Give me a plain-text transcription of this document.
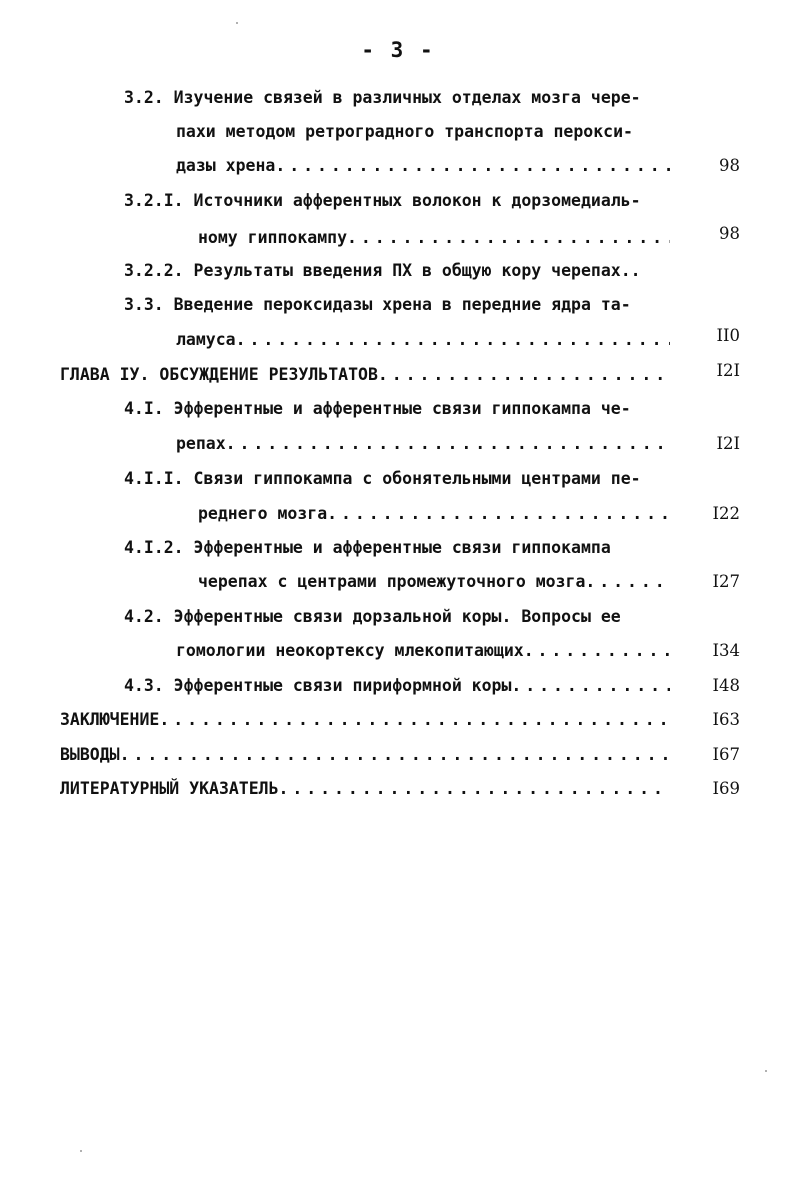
- 3 -
3.2. Изучение связей в различных отделах мозга чере-
пахи методом ретроградного транспорта перокси-
дазы хрена . . .	98
3.2.I. Источники афферентных волокон к дорзомедиаль-
ному гиппокампу . . .	98
3.2.2. Результаты введения ПХ в общую кору черепах..
3.3. Введение пероксидазы хрена в передние ядра та-
ламуса . . .	II0
ГЛАВА IУ. ОБСУЖДЕНИЕ РЕЗУЛЬТАТОВ . . .	I2I
4.I. Эфферентные и афферентные связи гиппокампа че-
репах . . .	I2I
4.I.I. Связи гиппокампа с обонятельными центрами пе-
реднего мозга . . .	I22
4.I.2. Эфферентные и афферентные связи гиппокампа
черепах с центрами промежуточного мозга . . .	I27
4.2. Эфферентные связи дорзальной коры. Вопросы ее
гомологии неокортексу млекопитающих . . .	I34
4.3. Эфферентные связи пириформной коры . . .	I48
ЗАКЛЮЧЕНИЕ . . .	I63
ВЫВОДЫ . . .	I67
ЛИТЕРАТУРНЫЙ УКАЗАТЕЛЬ . . .	I69
